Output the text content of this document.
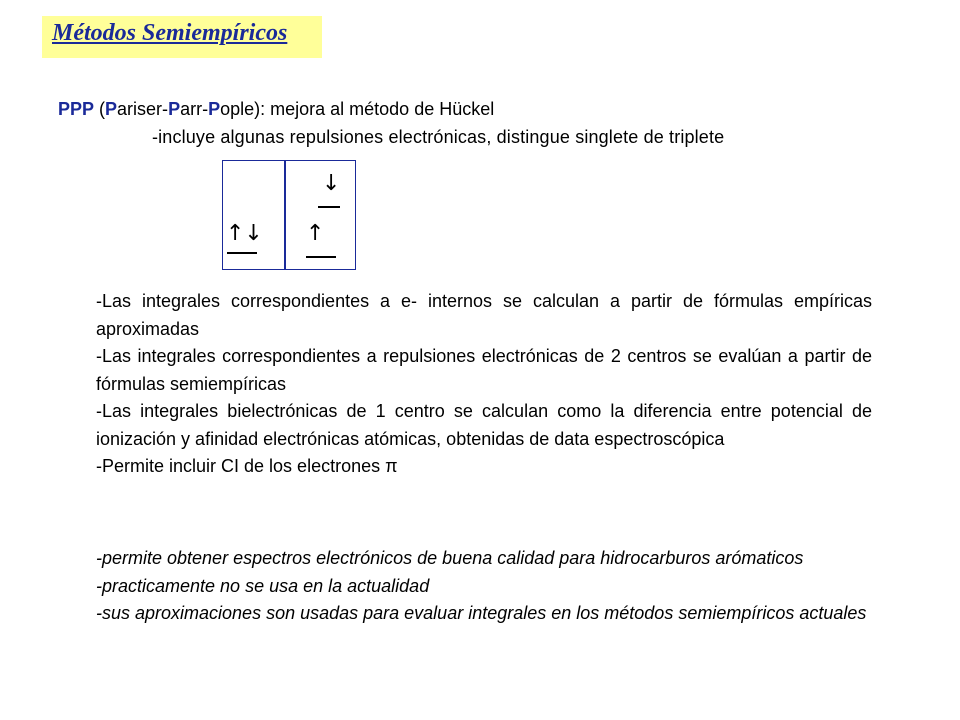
Métodos Semiempíricos
PPP (Pariser-Parr-Pople): mejora al método de Hückel
-incluye algunas repulsiones electrónicas, distingue singlete de triplete
↑↓ ↑
↓

-Las integrales correspondientes a e- internos se calculan a partir de fórmulas empíricas aproximadas

-Las integrales correspondientes a repulsiones electrónicas de 2 centros se evalúan a partir de fórmulas semiempíricas

-Las integrales bielectrónicas de 1 centro se calculan como la diferencia entre potencial de ionización y afinidad electrónicas atómicas, obtenidas de data espectroscópica

-Permite incluir CI de los electrones π

-permite obtener espectros electrónicos de buena calidad para hidrocarburos arómaticos

-practicamente no se usa en la actualidad

-sus aproximaciones son usadas para evaluar integrales en los métodos semiempíricos actuales
